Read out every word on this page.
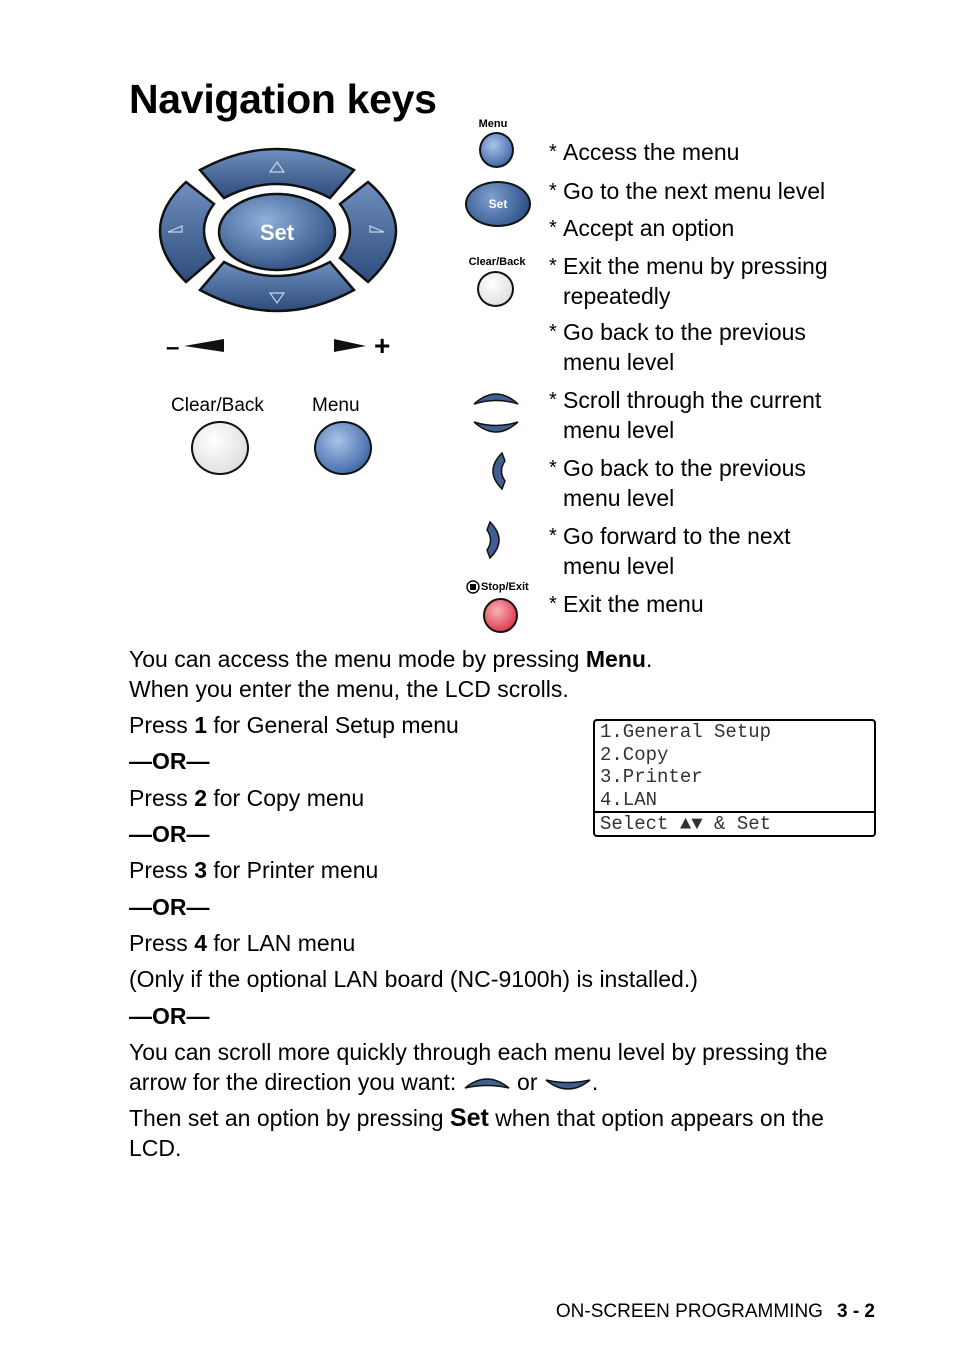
Navigation keys
Set
–	+
Clear/Back	Menu
Menu
Set
Clear/Back
Stop/Exit
* Access the menu
* Go to the next menu level
* Accept an option
* Exit the menu by pressing repeatedly
* Go back to the previous menu level
* Scroll through the current menu level
* Go back to the previous menu level
* Go forward to the next menu level
* Exit the menu
You can access the menu mode by pressing Menu.
When you enter the menu, the LCD scrolls.
Press 1 for General Setup menu
—OR—
Press 2 for Copy menu
—OR—
Press 3 for Printer menu
—OR—
Press 4 for LAN menu
(Only if the optional LAN board (NC-9100h) is installed.)
—OR—
1.General Setup
2.Copy
3.Printer
4.LAN
Select ▲▼ & Set
You can scroll more quickly through each menu level by pressing the
arrow for the direction you want:  or .
Then set an option by pressing Set when that option appears on the
LCD.
ON-SCREEN PROGRAMMING 3 - 2
